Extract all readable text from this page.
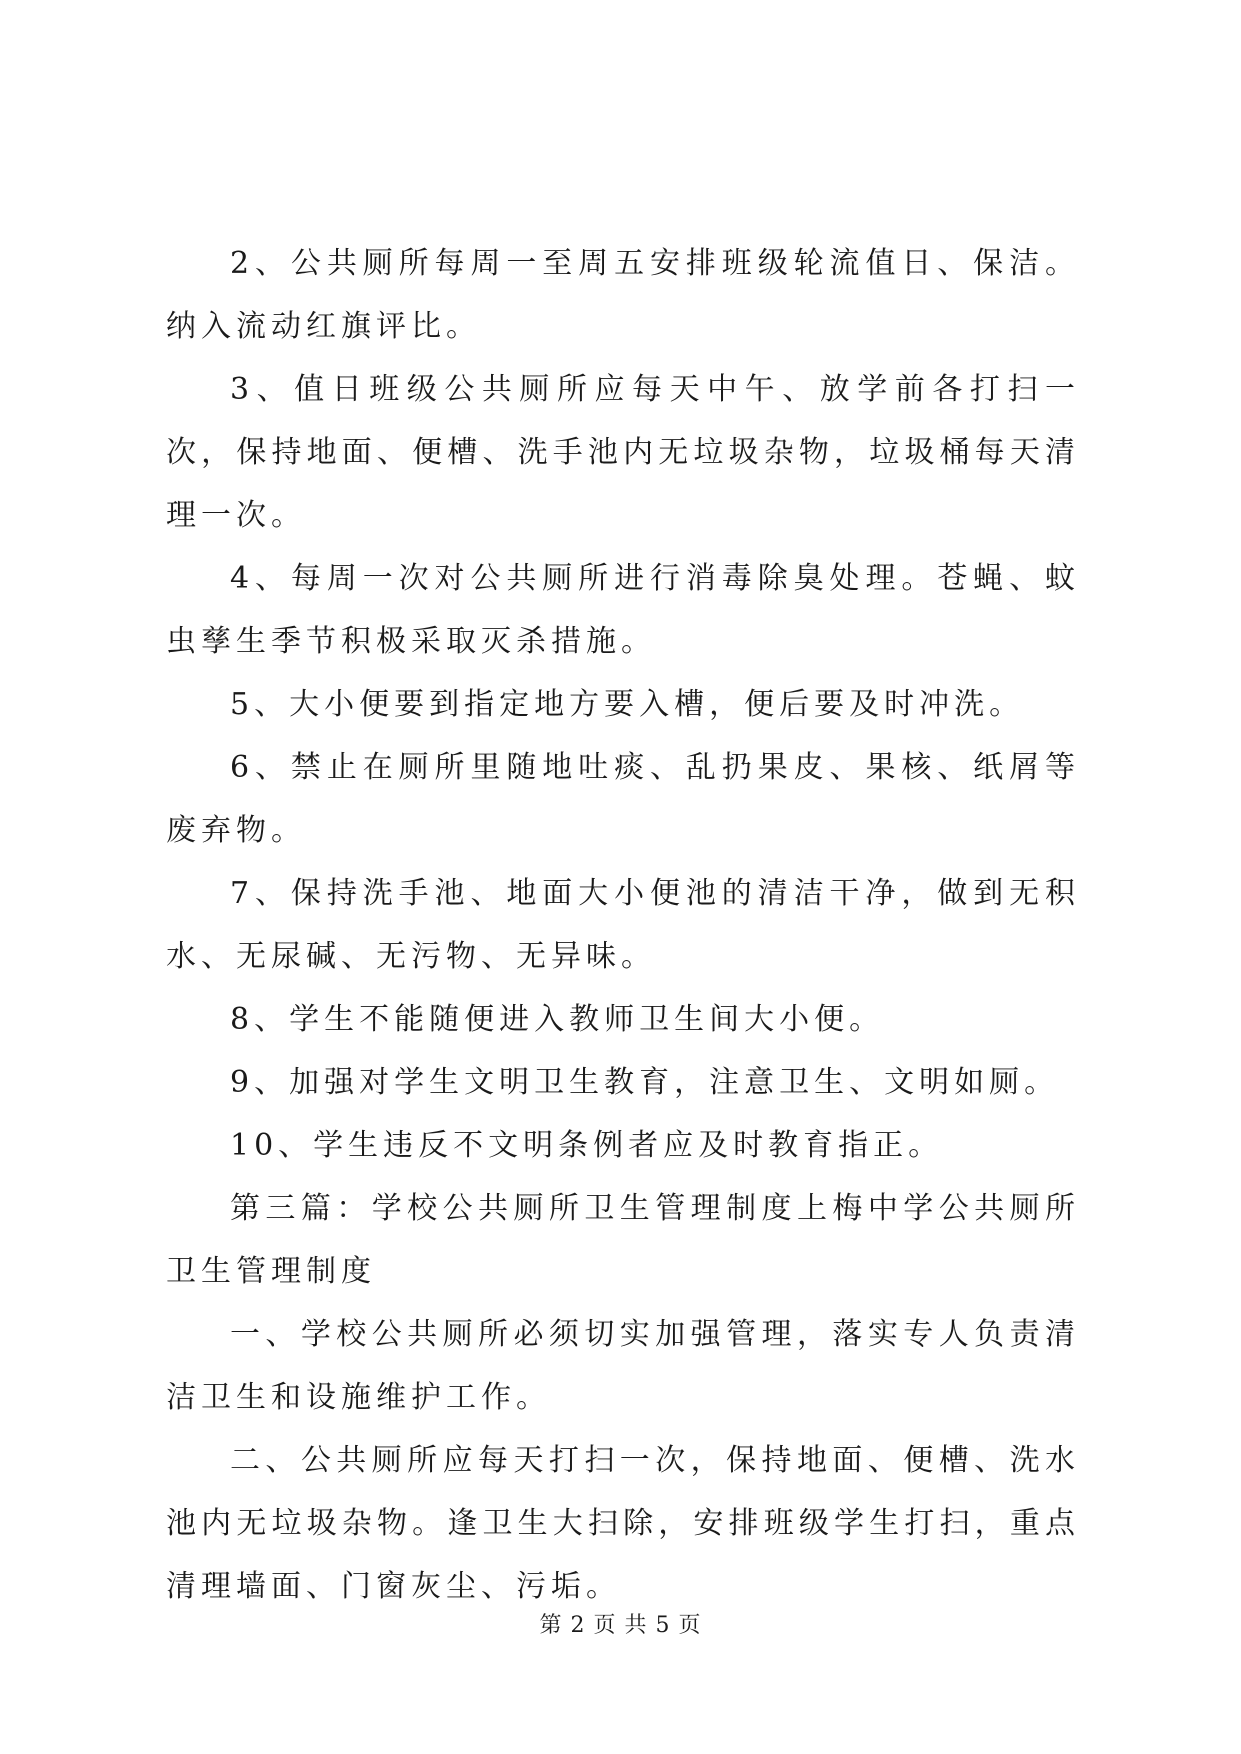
2、公共厕所每周一至周五安排班级轮流值日、保洁。纳入流动红旗评比。

3、值日班级公共厕所应每天中午、放学前各打扫一次，保持地面、便槽、洗手池内无垃圾杂物，垃圾桶每天清理一次。

4、每周一次对公共厕所进行消毒除臭处理。苍蝇、蚊虫孳生季节积极采取灭杀措施。

5、大小便要到指定地方要入槽，便后要及时冲洗。

6、禁止在厕所里随地吐痰、乱扔果皮、果核、纸屑等废弃物。

7、保持洗手池、地面大小便池的清洁干净，做到无积水、无尿碱、无污物、无异味。

8、学生不能随便进入教师卫生间大小便。

9、加强对学生文明卫生教育，注意卫生、文明如厕。

10、学生违反不文明条例者应及时教育指正。

第三篇：学校公共厕所卫生管理制度上梅中学公共厕所卫生管理制度

一、学校公共厕所必须切实加强管理，落实专人负责清洁卫生和设施维护工作。

二、公共厕所应每天打扫一次，保持地面、便槽、洗水池内无垃圾杂物。逢卫生大扫除，安排班级学生打扫，重点清理墙面、门窗灰尘、污垢。

第 2 页 共 5 页
